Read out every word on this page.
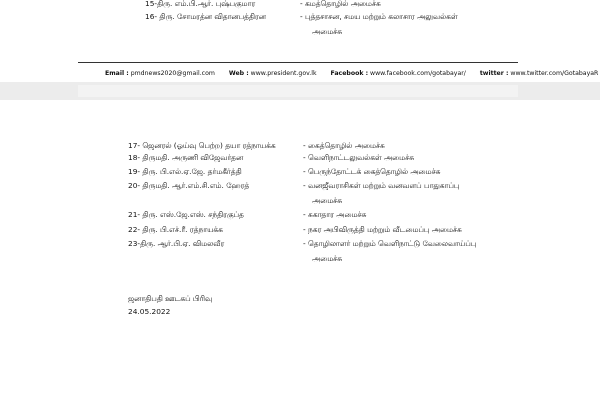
15-திரு. எம்.பி.ஆர். புஷ்பகுமார	- கமத்தொழில் அமைச்சு
16- திரு. சோமரத்ன விதானபத்திரன	- புத்தசாசன, சமய மற்றும் கலாசார அலுவல்கள்
அமைச்சு
Email : pmdnews2020@gmail.com Web : www.president.gov.lk Facebook : www.facebook.com/gotabayar/ twitter : www.twitter.com/GotabayaR
17- ஜெனரல் (ஓய்வு பெற்ற) தயா ரத்நாயக்க	- கைத்தொழில் அமைச்சு
18- திருமதி. அருணி விஜேவர்தன	- வெளிநாட்டலுவல்கள் அமைச்சு
19- திரு. பி.எல்.ஏ.ஜே. தர்மகீர்த்தி	- பெருந்தோட்டக் கைத்தொழில் அமைச்சு
20- திருமதி. ஆர்.எம்.சி.எம். ஹேரத்	- வனஜீவராசிகள் மற்றும் வனவளப் பாதுகாப்பு
அமைச்சு
21- திரு. எஸ்.ஜே.எஸ். சந்திரகுப்த	- சுகாதார அமைச்சு
22- திரு. பி.எச்.ரீ. ரத்நாயக்க	- நகர அபிவிருத்தி மற்றும் வீடமைப்பு அமைச்சு
23-திரு. ஆர்.பி.ஏ. விமலவீர	- தொழிலாளர் மற்றும் வெளிநாட்டு வேலைவாய்ப்பு
அமைச்சு
ஜனாதிபதி ஊடகப் பிரிவு
24.05.2022
